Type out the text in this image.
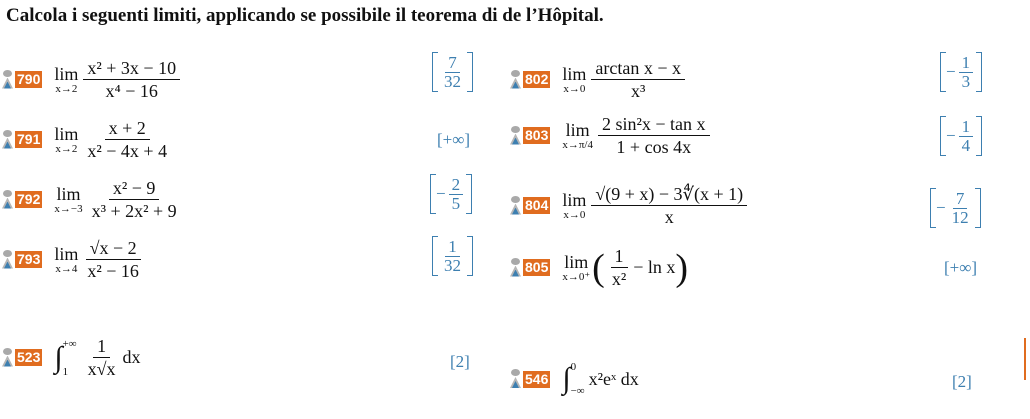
Calcola i seguenti limiti, applicando se possibile il teorema di de l’Hôpital.
790 lim
$x\to 2 \frac{\text{x² + 3x − 10}}{\text{x⁴ − 16}}$	$\frac{7}{32}$
791 lim
$x\to 2 \frac{x + 2}{\text{x² − 4x + 4}}$	[+∞]
792 lim
$x\to-3 \frac{\text{x² − 9}}{\text{x³ + 2x² + 9}}$	− $\frac{2}{5}$
793 lim
$x\to 4 \frac{√x - 2}{\text{x² − 16}}$	$\frac{1}{32}$
802 lim
$x\to 0 \frac{\text{arctan x − x}}{\text{x³}}$	− $\frac{1}{3}$
803 lim
$x\to\pi/4 \frac{\text{2 sin²x − tan x}}{1 + \cos 4x}$	− $\frac{1}{4}$
804 lim
$x\to 0 \frac{√(9 + x) - 3∜(x + 1)}{x}$	− $\frac{7}{12}$
805 lim
x→0⁺ ( $\frac{1}{\text{x²}} - \ln x$ )	[+∞]
523 ∫ +∞
$1 \frac{1}{x√x}$ dx	[2]
546 ∫ 0
−∞
x²eˣ dx	[2]
